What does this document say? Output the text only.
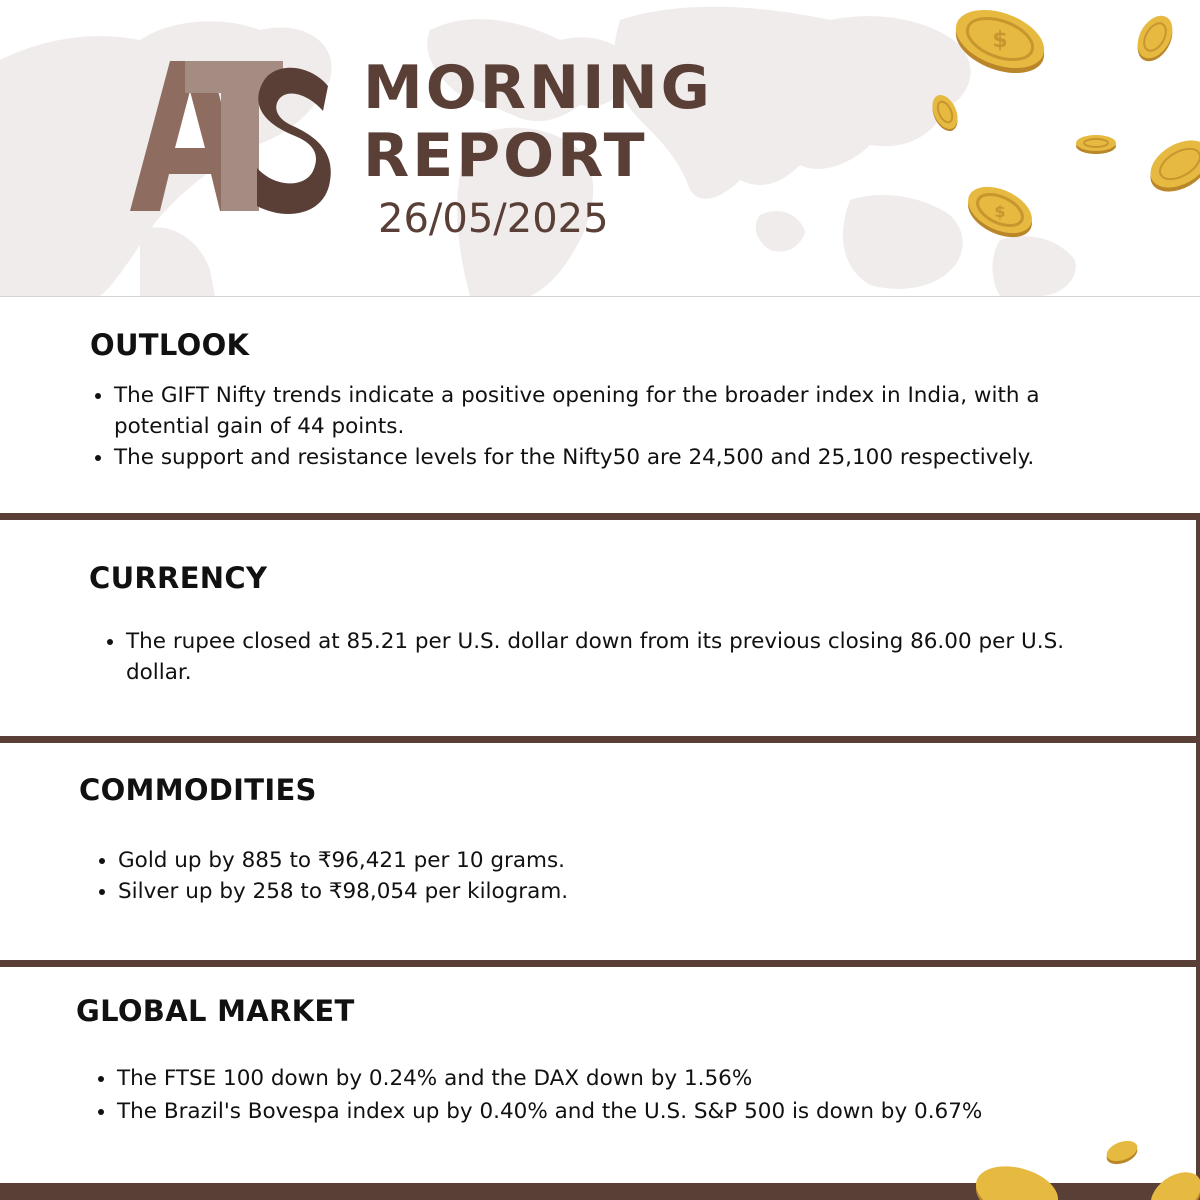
MORNING
REPORT
26/05/2025
$
$
OUTLOOK
• The GIFT Nifty trends indicate a positive opening for the broader index in India, with a potential gain of 44 points.
• The support and resistance levels for the Nifty50 are 24,500 and 25,100 respectively.
CURRENCY
• The rupee closed at 85.21 per U.S. dollar down from its previous closing 86.00 per U.S. dollar.
COMMODITIES
• Gold up by 885 to ₹96,421 per 10 grams.
• Silver up by 258 to ₹98,054 per kilogram.
GLOBAL MARKET
• The FTSE 100 down by 0.24% and the DAX down by 1.56%
• The Brazil's Bovespa index up by 0.40% and the U.S. S&P 500 is down by 0.67%
